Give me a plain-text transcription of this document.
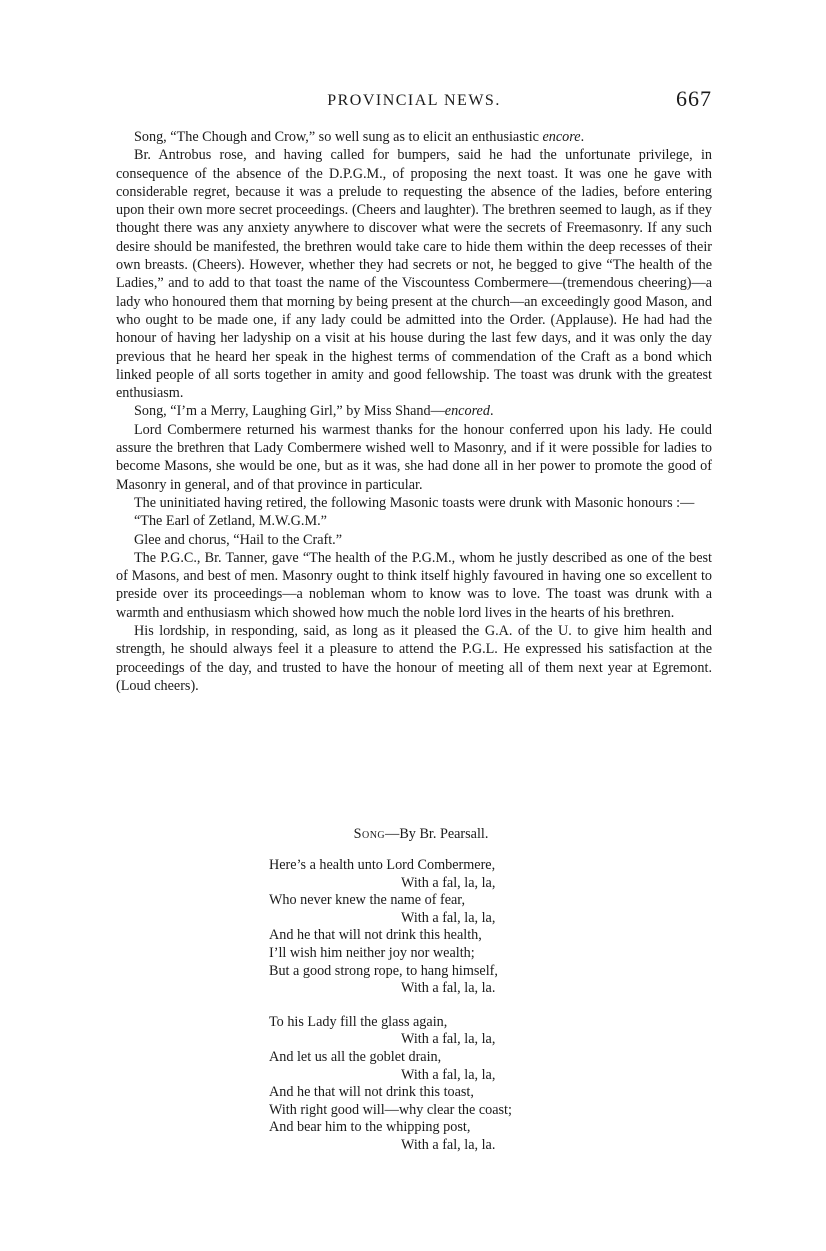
PROVINCIAL NEWS.	667

Song, “The Chough and Crow,” so well sung as to elicit an enthusiastic encore.

Br. Antrobus rose, and having called for bumpers, said he had the unfortunate privilege, in consequence of the absence of the D.P.G.M., of proposing the next toast. It was one he gave with considerable regret, because it was a prelude to requesting the absence of the ladies, before entering upon their own more secret proceedings. (Cheers and laughter). The brethren seemed to laugh, as if they thought there was any anxiety anywhere to discover what were the secrets of Freemasonry. If any such desire should be manifested, the brethren would take care to hide them within the deep recesses of their own breasts. (Cheers). However, whether they had secrets or not, he begged to give “The health of the Ladies,” and to add to that toast the name of the Viscountess Combermere—(tremendous cheering)—a lady who honoured them that morning by being present at the church—an exceedingly good Mason, and who ought to be made one, if any lady could be admitted into the Order. (Applause). He had had the honour of having her ladyship on a visit at his house during the last few days, and it was only the day previous that he heard her speak in the highest terms of commendation of the Craft as a bond which linked people of all sorts together in amity and good fellowship. The toast was drunk with the greatest enthusiasm.

Song, “I’m a Merry, Laughing Girl,” by Miss Shand—encored.

Lord Combermere returned his warmest thanks for the honour conferred upon his lady. He could assure the brethren that Lady Combermere wished well to Masonry, and if it were possible for ladies to become Masons, she would be one, but as it was, she had done all in her power to promote the good of Masonry in general, and of that province in particular.

The uninitiated having retired, the following Masonic toasts were drunk with Masonic honours :—

“The Earl of Zetland, M.W.G.M.”

Glee and chorus, “Hail to the Craft.”

The P.G.C., Br. Tanner, gave “The health of the P.G.M., whom he justly described as one of the best of Masons, and best of men. Masonry ought to think itself highly favoured in having one so excellent to preside over its proceedings—a nobleman whom to know was to love. The toast was drunk with a warmth and enthusiasm which showed how much the noble lord lives in the hearts of his brethren.

His lordship, in responding, said, as long as it pleased the G.A. of the U. to give him health and strength, he should always feel it a pleasure to attend the P.G.L. He expressed his satisfaction at the proceedings of the day, and trusted to have the honour of meeting all of them next year at Egremont. (Loud cheers).

Song—By Br. Pearsall.
Here’s a health unto Lord Combermere,
With a fal, la, la,
Who never knew the name of fear,
With a fal, la, la,
And he that will not drink this health,
I’ll wish him neither joy nor wealth;
But a good strong rope, to hang himself,
With a fal, la, la.
To his Lady fill the glass again,
With a fal, la, la,
And let us all the goblet drain,
With a fal, la, la,
And he that will not drink this toast,
With right good will—why clear the coast;
And bear him to the whipping post,
With a fal, la, la.
